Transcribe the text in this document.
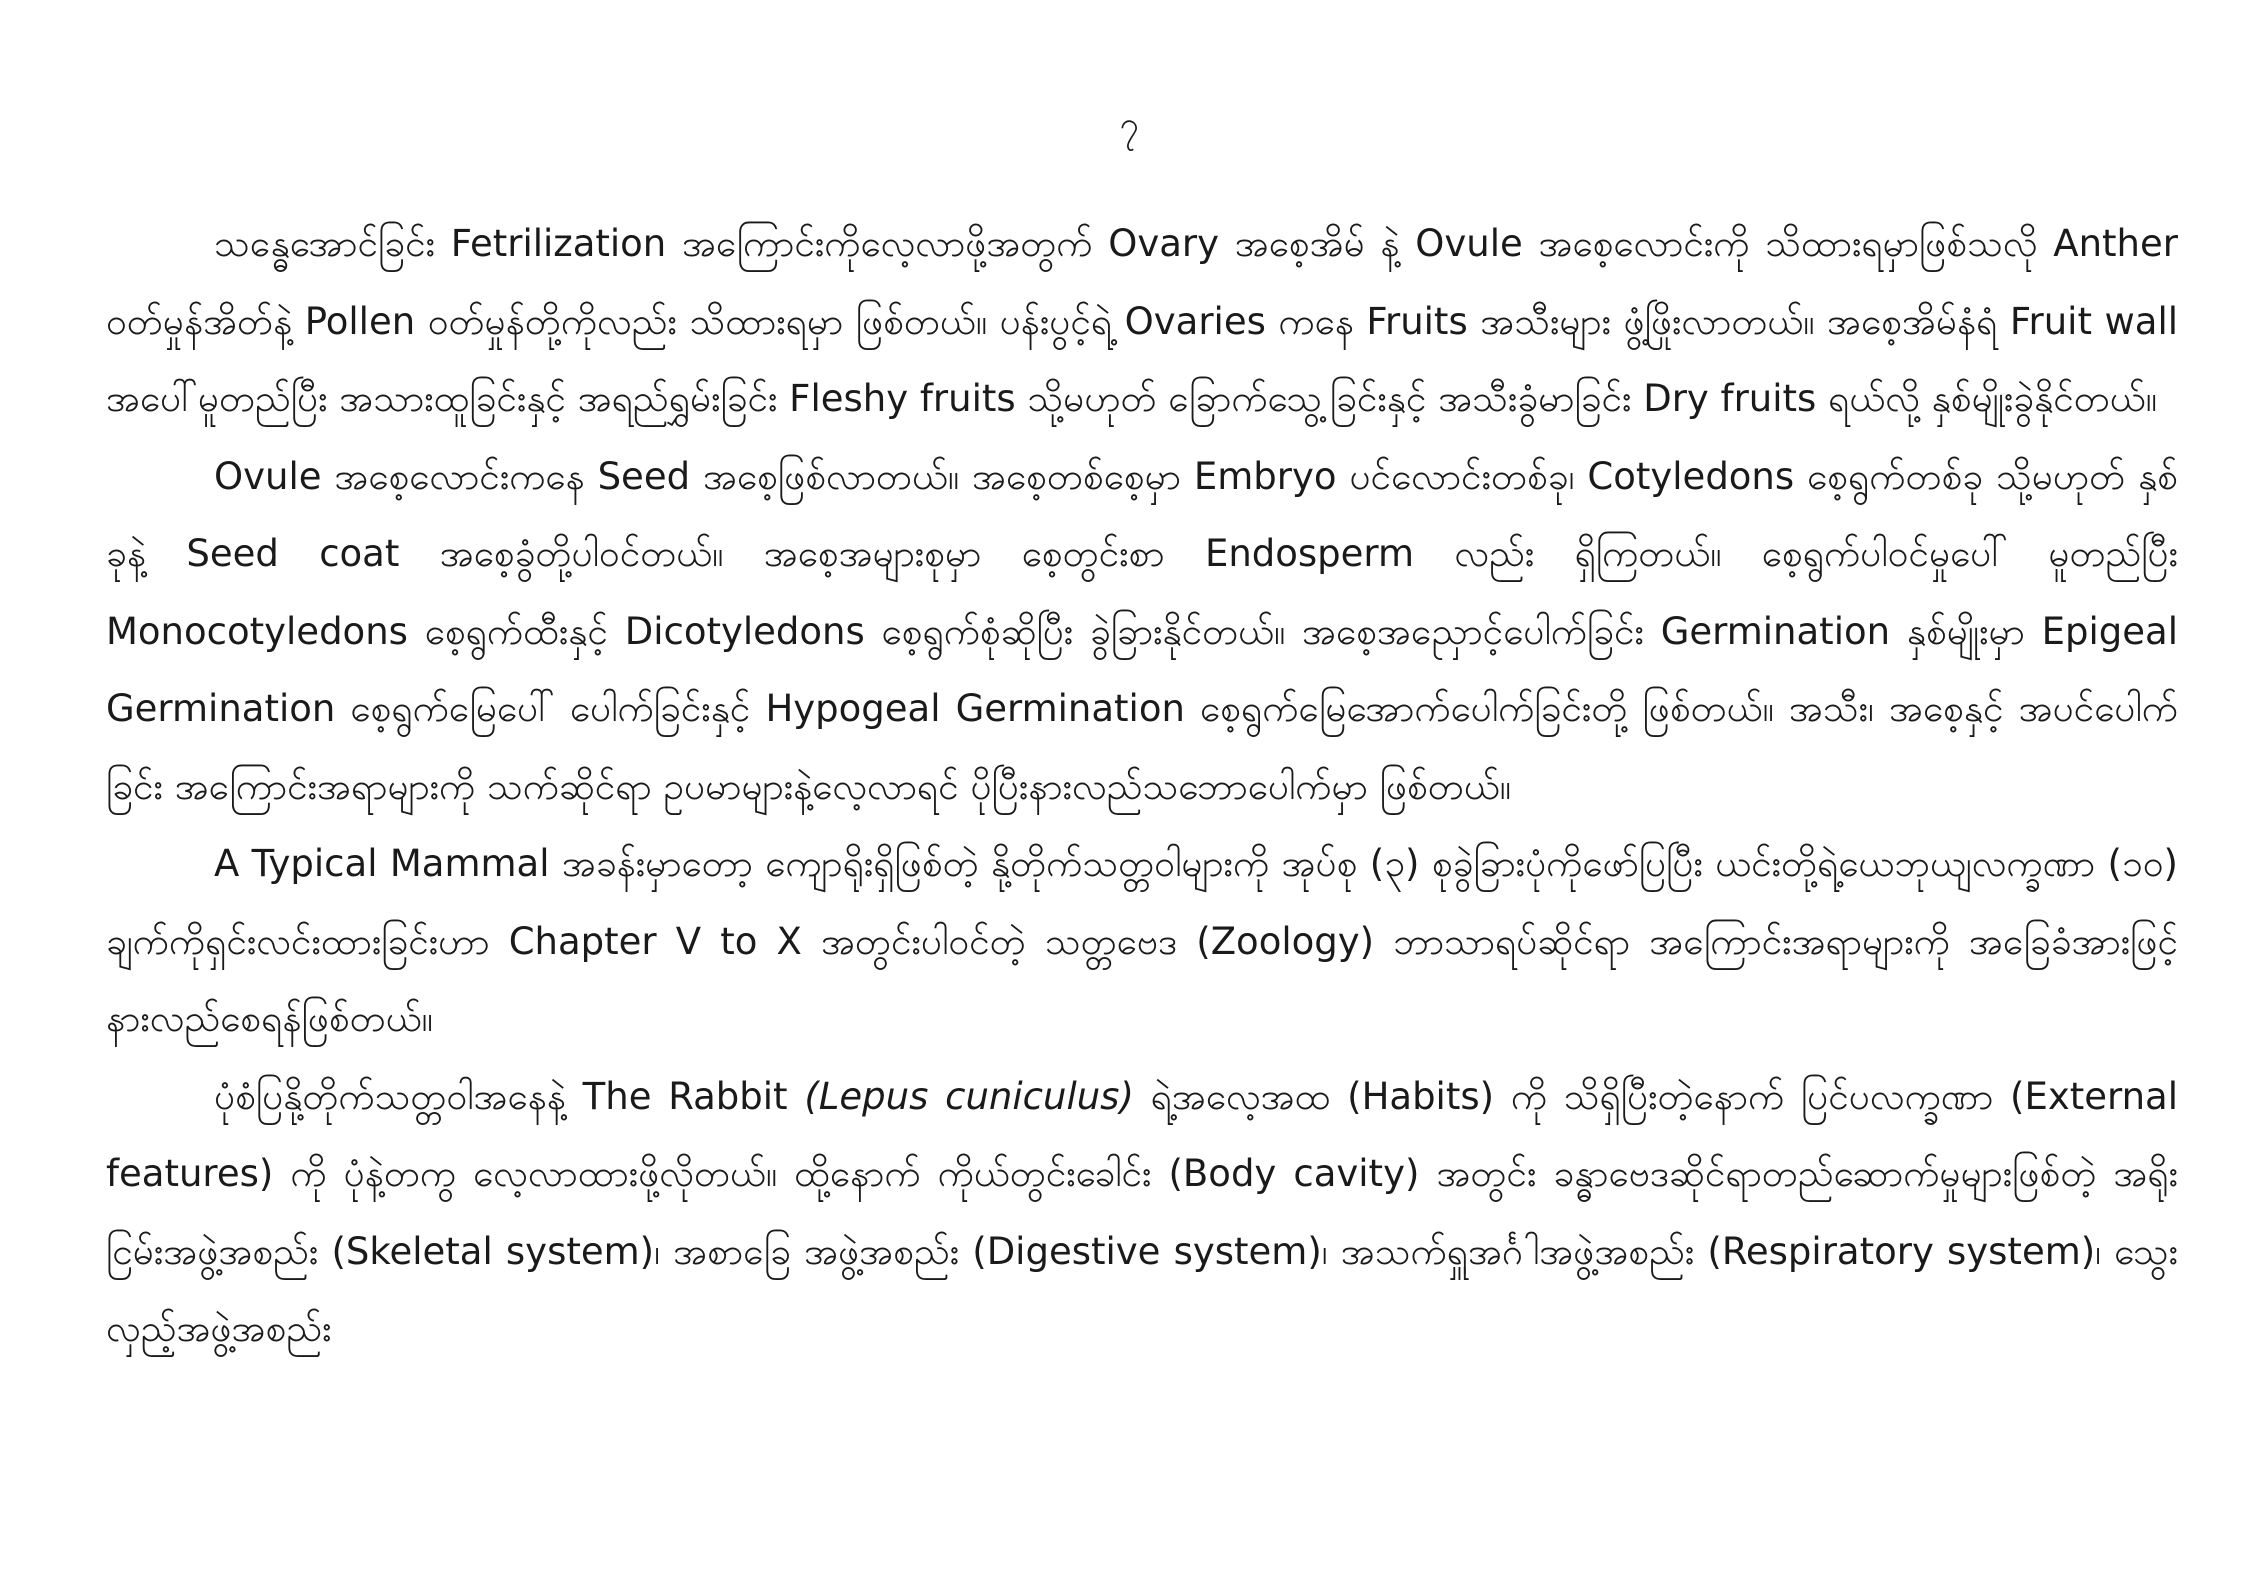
၇

သန္ဓေအောင်ခြင်း Fetrilization အကြောင်းကိုလေ့လာဖို့အတွက် Ovary အစေ့အိမ် နဲ့ Ovule အစေ့လောင်းကို သိထားရမှာဖြစ်သလို Anther ဝတ်မှုန်အိတ်နဲ့ Pollen ဝတ်မှုန်တို့ကိုလည်း သိထားရမှာ ဖြစ်တယ်။ ပန်းပွင့်ရဲ့ Ovaries ကနေ Fruits အသီးများ ဖွံ့ဖြိုးလာတယ်။ အစေ့အိမ်နံရံ Fruit wall အပေါ်မူတည်ပြီး အသားထူခြင်းနှင့် အရည်ရွှမ်းခြင်း Fleshy fruits သို့မဟုတ် ခြောက်သွေ့ခြင်းနှင့် အသီးခွံမာခြင်း Dry fruits ရယ်လို့ နှစ်မျိုးခွဲနိုင်တယ်။

Ovule အစေ့လောင်းကနေ Seed အစေ့ဖြစ်လာတယ်။ အစေ့တစ်စေ့မှာ Embryo ပင်လောင်းတစ်ခု၊ Cotyledons စေ့ရွက်တစ်ခု သို့မဟုတ် နှစ်ခုနဲ့ Seed coat အစေ့ခွံတို့ပါဝင်တယ်။ အစေ့အများစုမှာ စေ့တွင်းစာ Endosperm လည်း ရှိကြတယ်။ စေ့ရွက်ပါဝင်မှုပေါ် မူတည်ပြီး Monocotyledons စေ့ရွက်ထီးနှင့် Dicotyledons စေ့ရွက်စုံဆိုပြီး ခွဲခြားနိုင်တယ်။ အစေ့အညှောင့်ပေါက်ခြင်း Germination နှစ်မျိုးမှာ Epigeal Germination စေ့ရွက်မြေပေါ် ပေါက်ခြင်းနှင့် Hypogeal Germination စေ့ရွက်မြေအောက်ပေါက်ခြင်းတို့ ဖြစ်တယ်။ အသီး၊ အစေ့နှင့် အပင်ပေါက်ခြင်း အကြောင်းအရာများကို သက်ဆိုင်ရာ ဥပမာများနဲ့လေ့လာရင် ပိုပြီးနားလည်သဘောပေါက်မှာ ဖြစ်တယ်။

A Typical Mammal အခန်းမှာတော့ ကျောရိုးရှိဖြစ်တဲ့ နို့တိုက်သတ္တဝါများကို အုပ်စု (၃) စုခွဲခြားပုံကိုဖော်ပြပြီး ယင်းတို့ရဲ့ယေဘုယျလက္ခဏာ (၁၀) ချက်ကိုရှင်းလင်းထားခြင်းဟာ Chapter V to X အတွင်းပါဝင်တဲ့ သတ္တဗေဒ (Zoology) ဘာသာရပ်ဆိုင်ရာ အကြောင်းအရာများကို အခြေခံအားဖြင့် နားလည်စေရန်ဖြစ်တယ်။

ပုံစံပြနို့တိုက်သတ္တဝါအနေနဲ့ The Rabbit (Lepus cuniculus) ရဲ့အလေ့အထ (Habits) ကို သိရှိပြီးတဲ့နောက် ပြင်ပလက္ခဏာ (External features) ကို ပုံနဲ့တကွ လေ့လာထားဖို့လိုတယ်။ ထို့နောက် ကိုယ်တွင်းခေါင်း (Body cavity) အတွင်း ခန္ဓာဗေဒဆိုင်ရာတည်ဆောက်မှုများဖြစ်တဲ့ အရိုးငြမ်းအဖွဲ့အစည်း (Skeletal system)၊ အစာခြေ အဖွဲ့အစည်း (Digestive system)၊ အသက်ရှူအင်္ဂါအဖွဲ့အစည်း (Respiratory system)၊ သွေးလှည့်အဖွဲ့အစည်း
